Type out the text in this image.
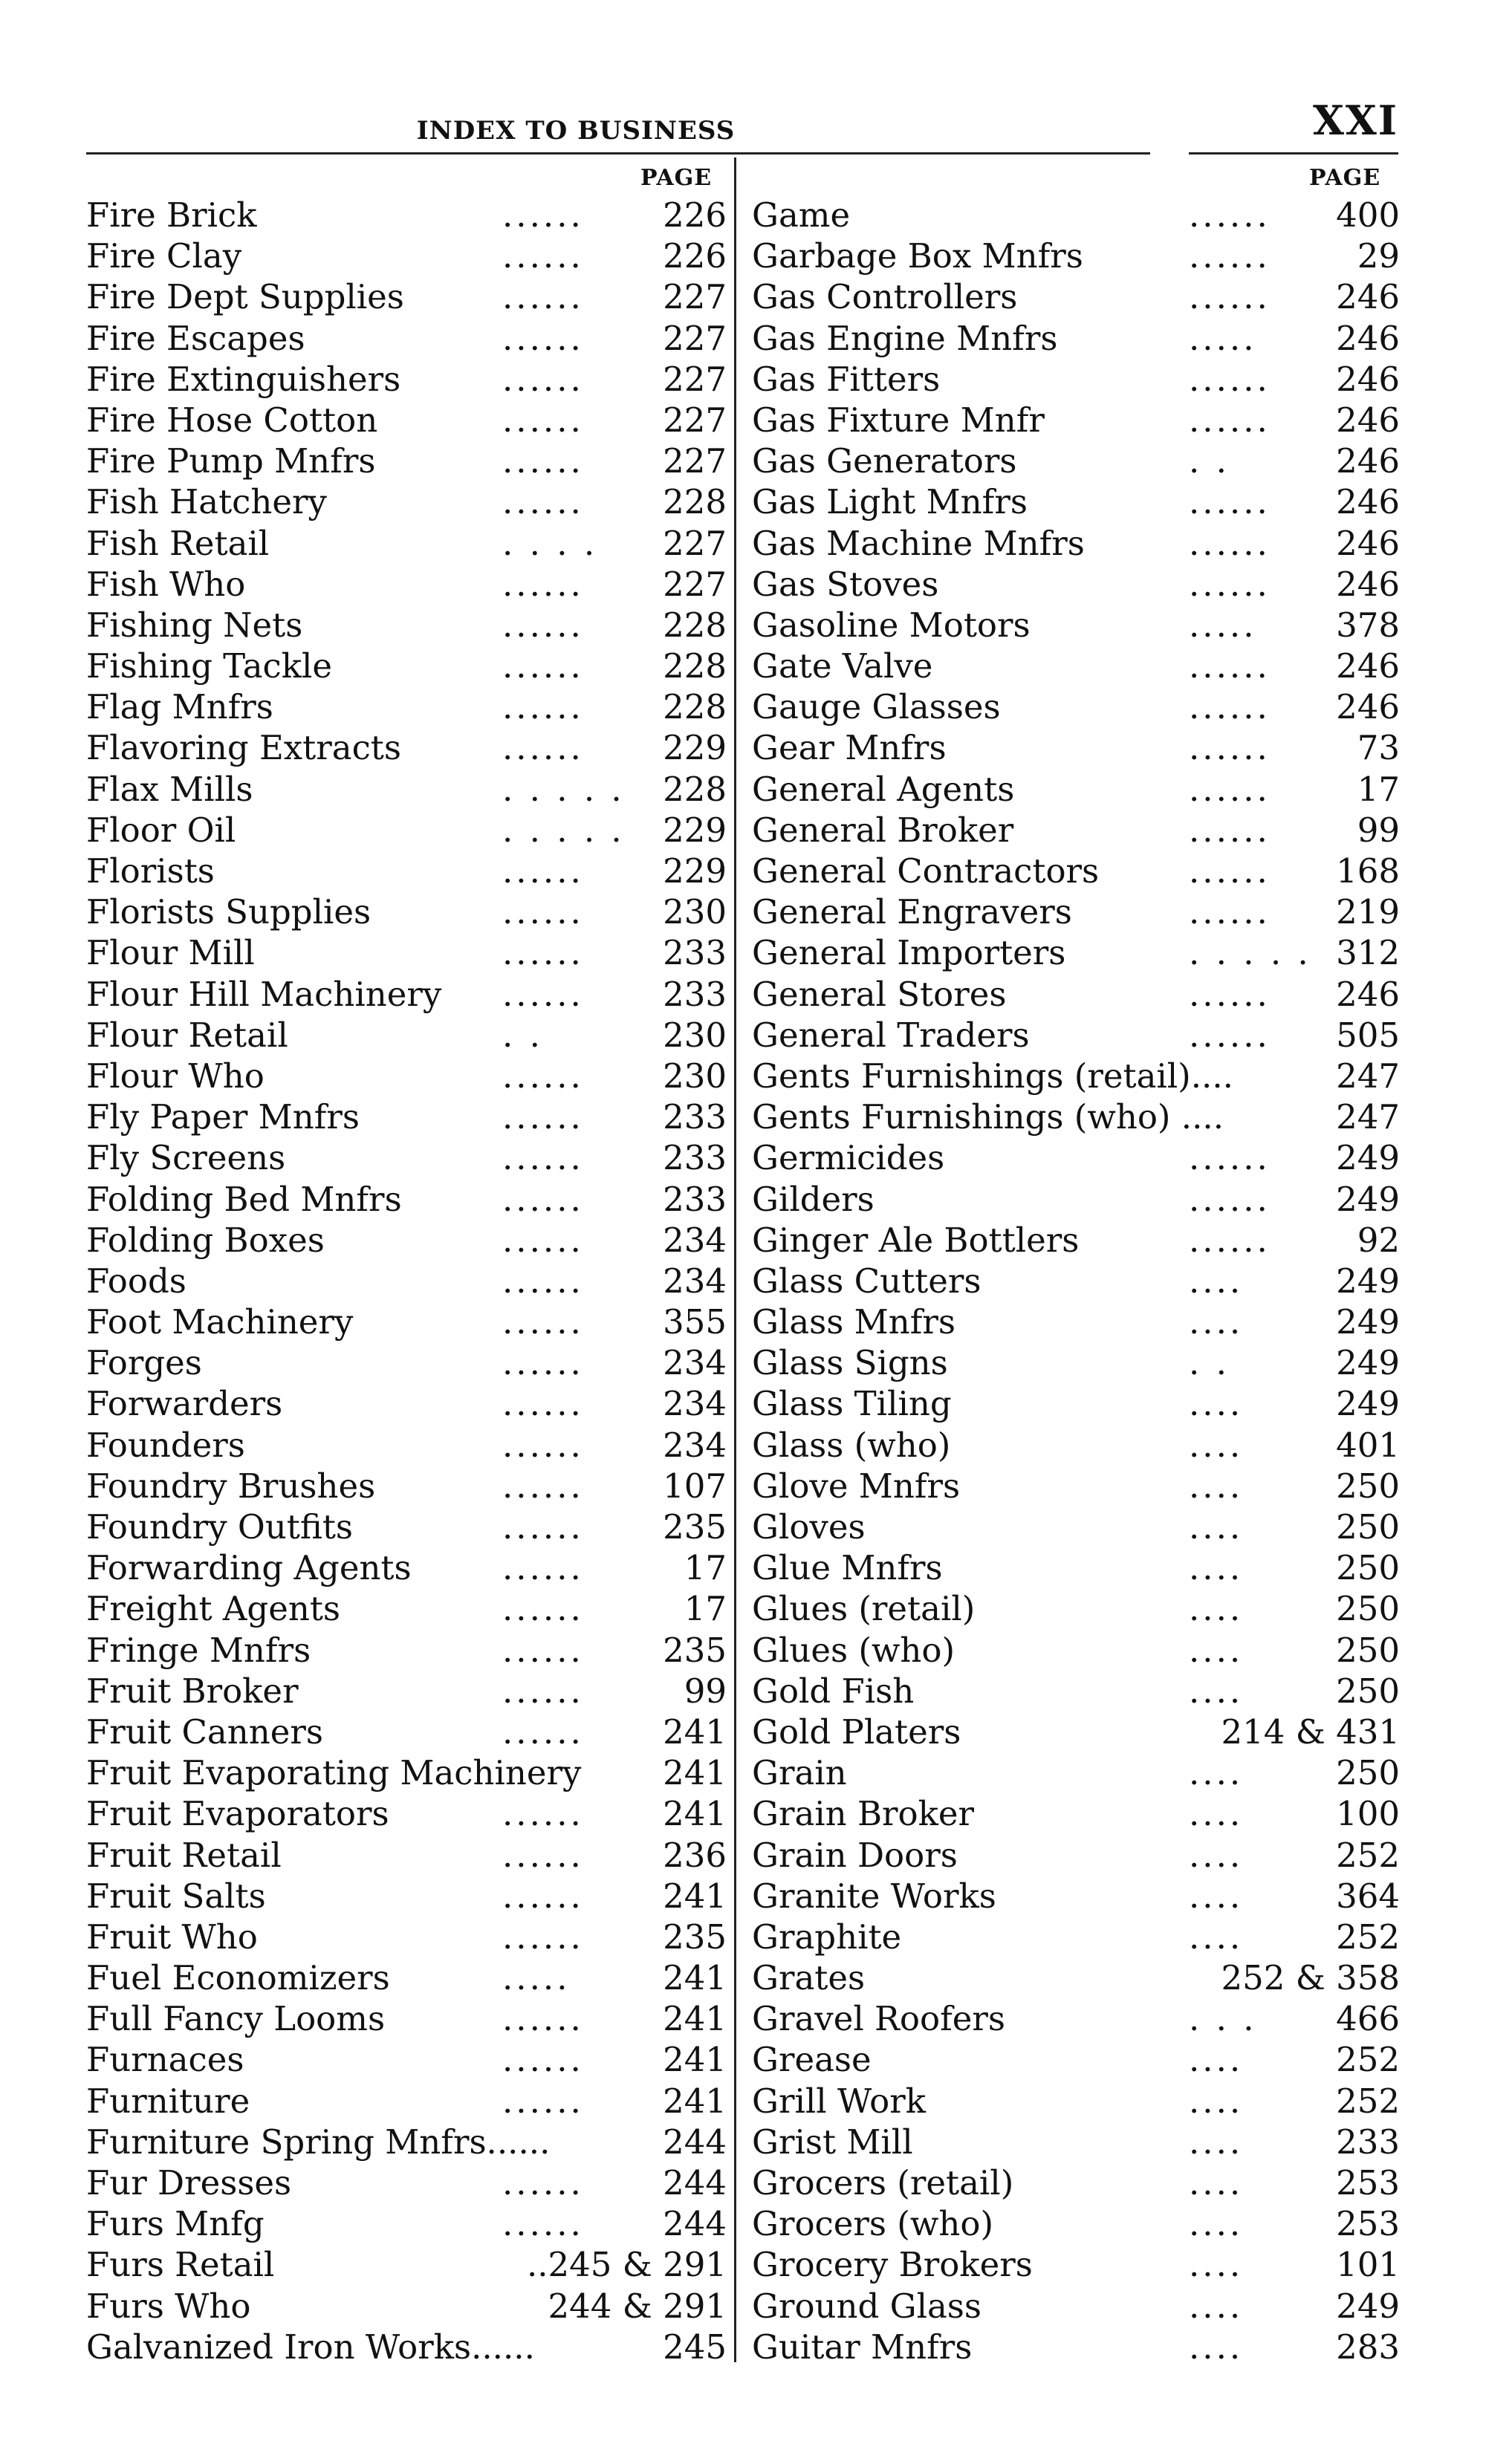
INDEX TO BUSINESS	XXI
PAGE	PAGE
Fire Brick	...... 226
Fire Clay	...... 226
Fire Dept Supplies	...... 227
Fire Escapes	...... 227
Fire Extinguishers	...... 227
Fire Hose Cotton	...... 227
Fire Pump Mnfrs	...... 227
Fish Hatchery	...... 228
Fish Retail	. . . . 227
Fish Who	...... 227
Fishing Nets	...... 228
Fishing Tackle	...... 228
Flag Mnfrs	...... 228
Flavoring Extracts	...... 229
Flax Mills	. . . . . 228
Floor Oil	. . . . . 229
Florists	...... 229
Florists Supplies	...... 230
Flour Mill	...... 233
Flour Hill Machinery ...... 233
Flour Retail	. .	230
Flour Who	...... 230
Fly Paper Mnfrs	...... 233
Fly Screens	...... 233
Folding Bed Mnfrs	...... 233
Folding Boxes	...... 234
Foods	...... 234
Foot Machinery	...... 355
Forges	...... 234
Forwarders	...... 234
Founders	...... 234
Foundry Brushes	...... 107
Foundry Outfits	...... 235
Forwarding Agents	......	17
Freight Agents	......	17
Fringe Mnfrs	...... 235
Fruit Broker	......	99
Fruit Canners	...... 241
Fruit Evaporating Machinery 241
Fruit Evaporators	...... 241
Fruit Retail	...... 236
Fruit Salts	...... 241
Fruit Who	...... 235
Fuel Economizers	.....	241
Full Fancy Looms	...... 241
Furnaces	...... 241
Furniture	...... 241
Furniture Spring Mnfrs......	244
Fur Dresses	...... 244
Furs Mnfg	...... 244
Furs Retail	..245 & 291
Furs Who	244 & 291
Galvanized Iron Works......	245
Game	...... 400
Garbage Box Mnfrs	......	29
Gas Controllers	...... 246
Gas Engine Mnfrs	..... 246
Gas Fitters	...... 246
Gas Fixture Mnfr	...... 246
Gas Generators	. .	246
Gas Light Mnfrs	...... 246
Gas Machine Mnfrs	...... 246
Gas Stoves	...... 246
Gasoline Motors	..... 378
Gate Valve	...... 246
Gauge Glasses	...... 246
Gear Mnfrs	......	73
General Agents	......	17
General Broker	......	99
General Contractors	...... 168
General Engravers	...... 219
General Importers	. . . . . 312
General Stores	...... 246
General Traders	...... 505
Gents Furnishings (retail)....	247
Gents Furnishings (who) ....	247
Germicides	...... 249
Gilders	...... 249
Ginger Ale Bottlers	......	92
Glass Cutters	....	249
Glass Mnfrs	....	249
Glass Signs	. .	249
Glass Tiling	....	249
Glass (who)	....	401
Glove Mnfrs	....	250
Gloves	....	250
Glue Mnfrs	....	250
Glues (retail)	....	250
Glues (who)	....	250
Gold Fish	....	250
Gold Platers	214 & 431
Grain	....	250
Grain Broker	....	100
Grain Doors	....	252
Granite Works	....	364
Graphite	....	252
Grates	252 & 358
Gravel Roofers	. . . 466
Grease	....	252
Grill Work	....	252
Grist Mill	....	233
Grocers (retail)	....	253
Grocers (who)	....	253
Grocery Brokers	....	101
Ground Glass	....	249
Guitar Mnfrs	....	283
